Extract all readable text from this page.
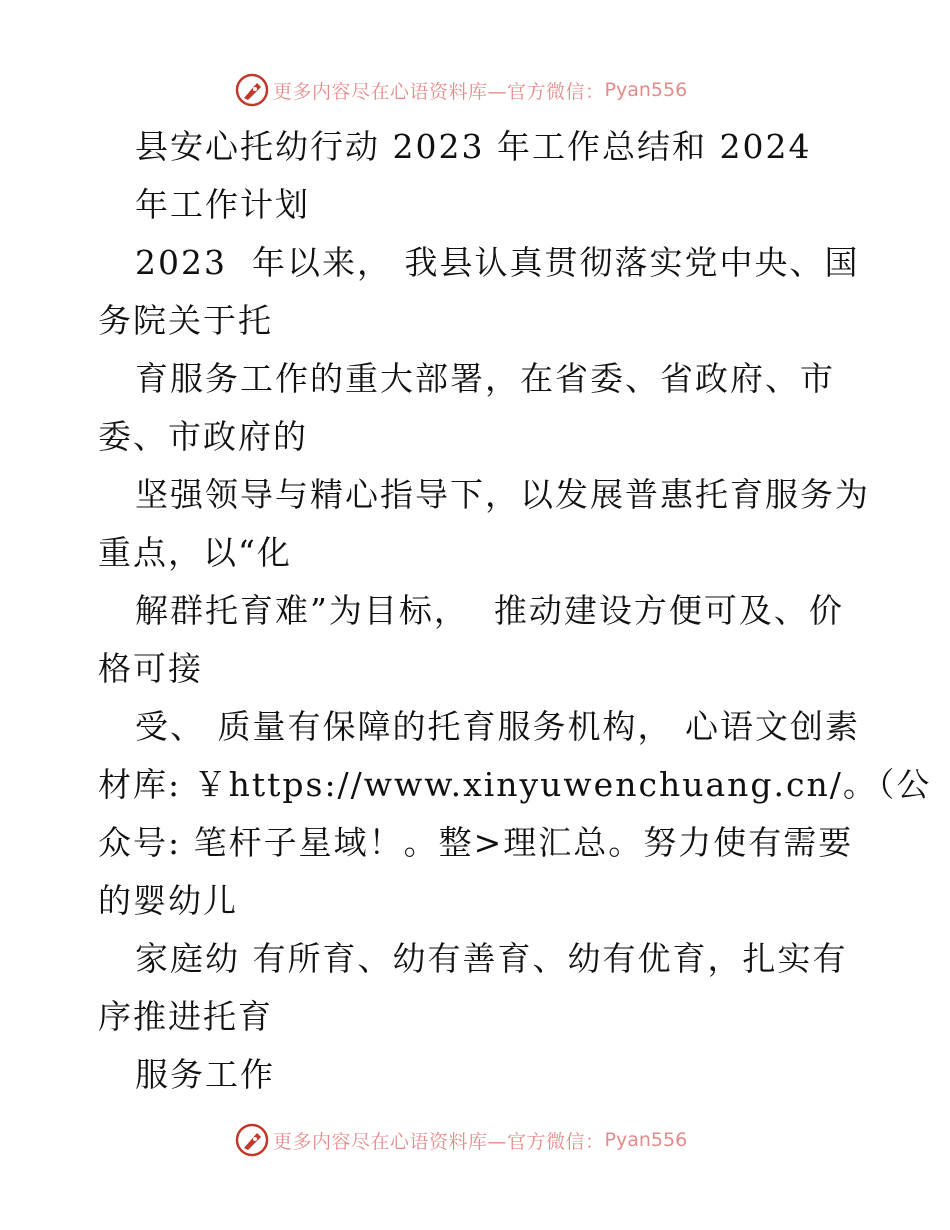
更多内容尽在心语资料库—官方微信： Pyan556
县安心托幼行动 2023 年工作总结和 2024
年工作计划
2023  年以来， 我县认真贯彻落实党中央、国
务院关于托
育服务工作的重大部署，在省委、省政府、市
委、市政府的
坚强领导与精心指导下，以发展普惠托育服务为
重点，以“化
解群托育难”为目标，  推动建设方便可及、价
格可接
受、 质量有保障的托育服务机构， 心语文创素
材库: ￥https://www.xinyuwenchuang.cn/。（公
众号: 笔杆子星域！。整>理汇总。努力使有需要
的婴幼儿
家庭幼 有所育、幼有善育、幼有优育，扎实有
序推进托育
服务工作
更多内容尽在心语资料库—官方微信： Pyan556
